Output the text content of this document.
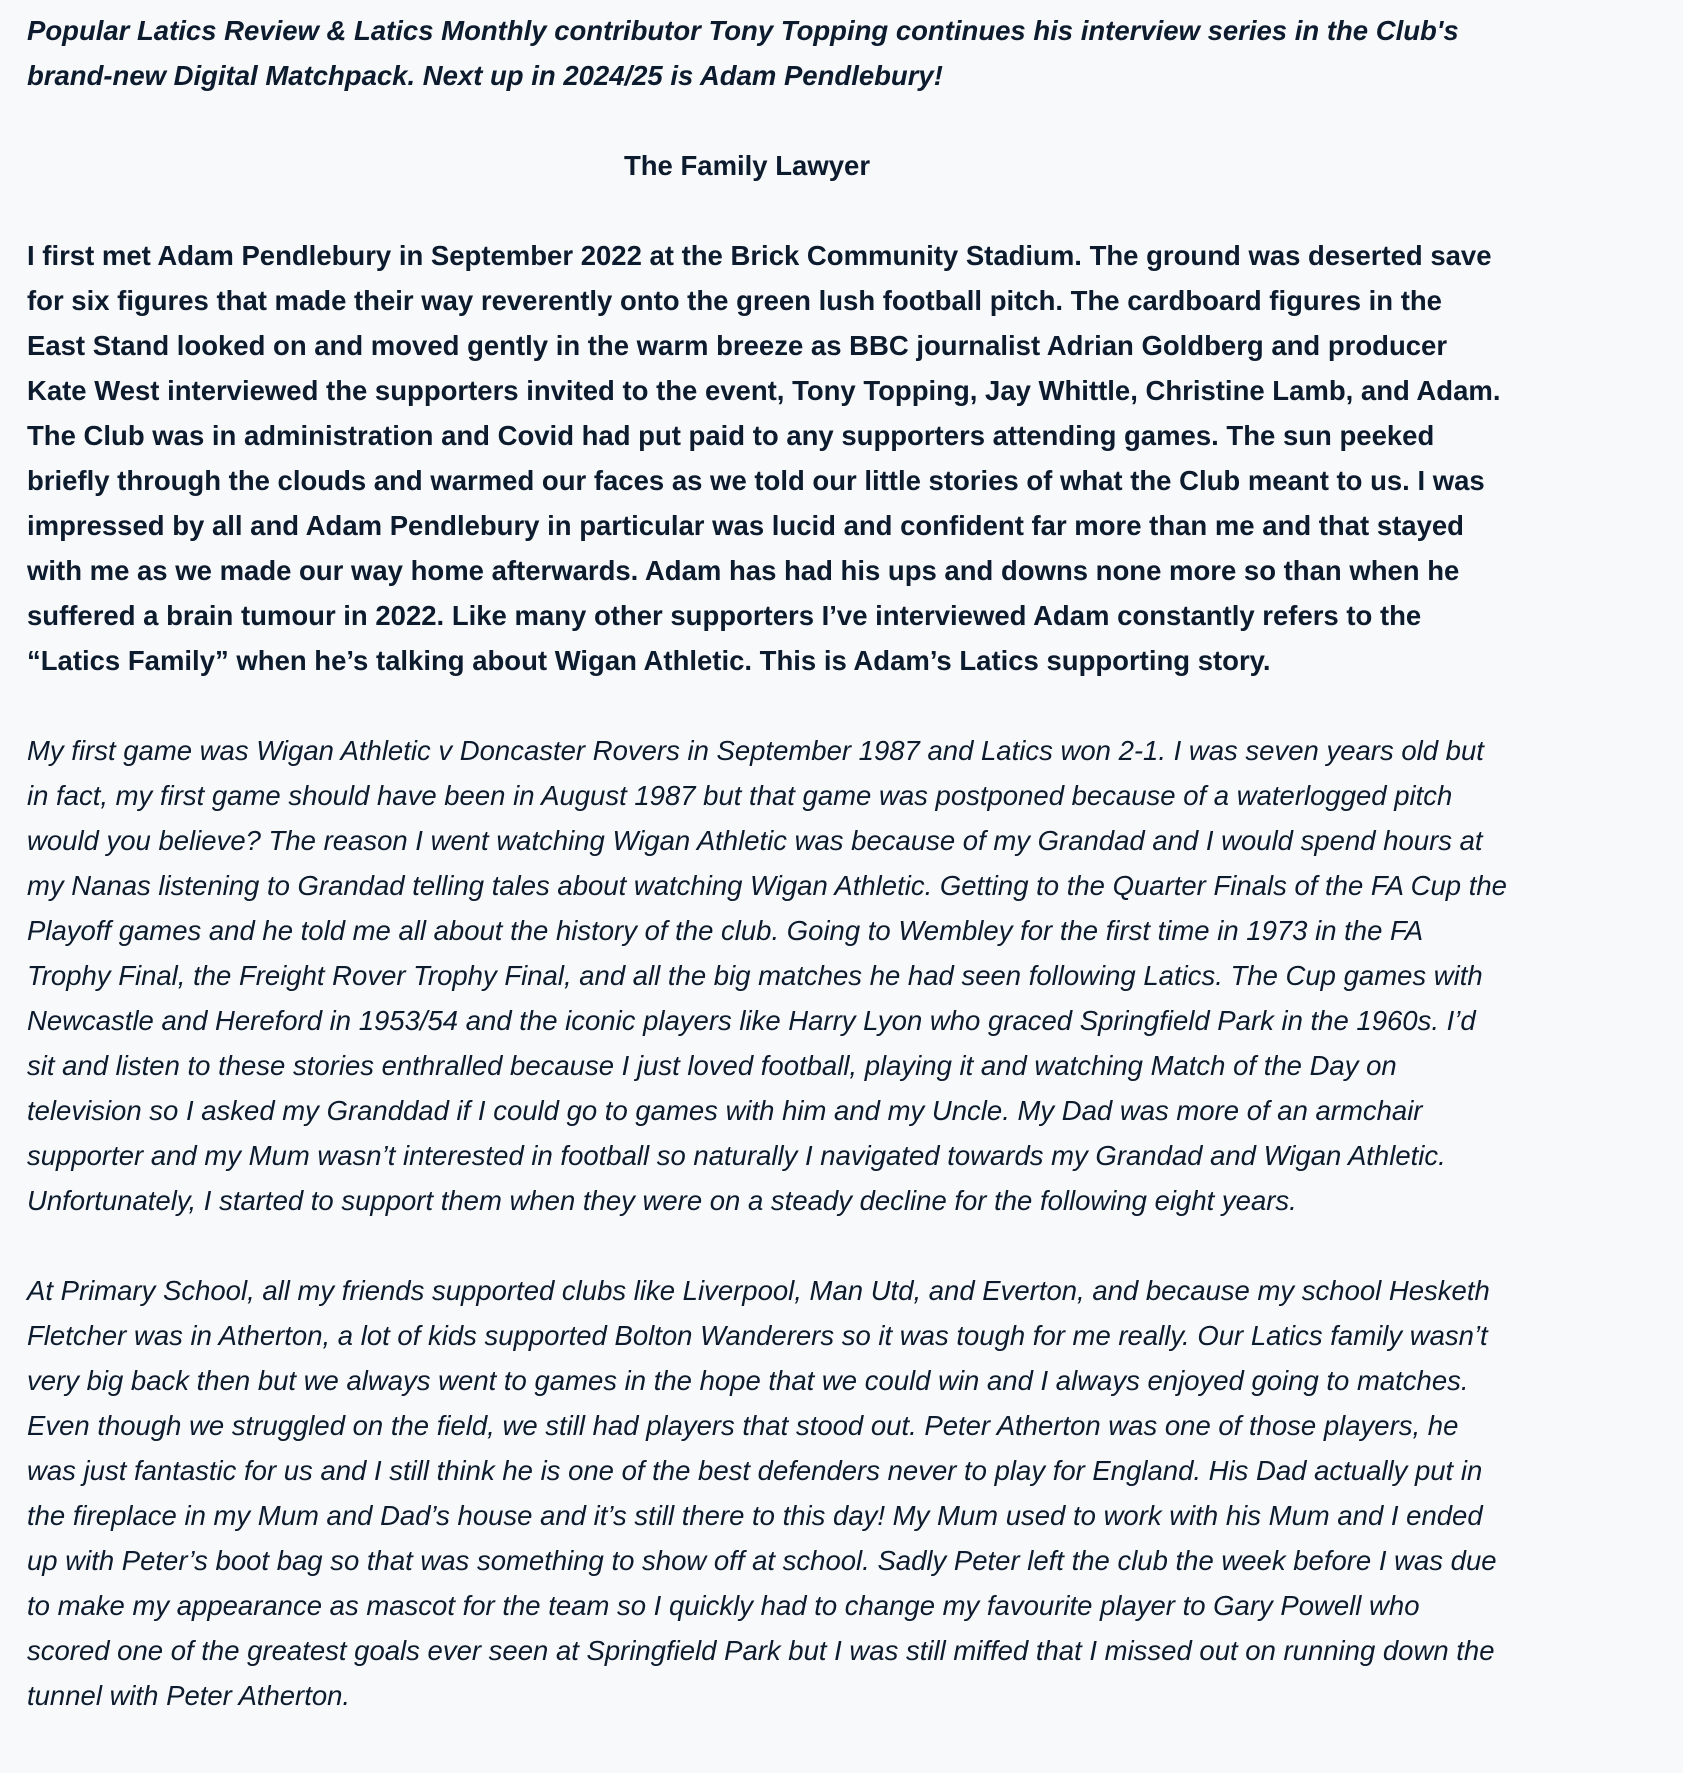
Popular Latics Review & Latics Monthly contributor Tony Topping continues his interview series in the Club's brand-new Digital Matchpack. Next up in 2024/25 is Adam Pendlebury!

The Family Lawyer

I first met Adam Pendlebury in September 2022 at the Brick Community Stadium. The ground was deserted save for six figures that made their way reverently onto the green lush football pitch. The cardboard figures in the East Stand looked on and moved gently in the warm breeze as BBC journalist Adrian Goldberg and producer Kate West interviewed the supporters invited to the event, Tony Topping, Jay Whittle, Christine Lamb, and Adam. The Club was in administration and Covid had put paid to any supporters attending games. The sun peeked briefly through the clouds and warmed our faces as we told our little stories of what the Club meant to us. I was impressed by all and Adam Pendlebury in particular was lucid and confident far more than me and that stayed with me as we made our way home afterwards. Adam has had his ups and downs none more so than when he suffered a brain tumour in 2022. Like many other supporters I’ve interviewed Adam constantly refers to the “Latics Family” when he’s talking about Wigan Athletic. This is Adam’s Latics supporting story.

My first game was Wigan Athletic v Doncaster Rovers in September 1987 and Latics won 2-1. I was seven years old but in fact, my first game should have been in August 1987 but that game was postponed because of a waterlogged pitch would you believe? The reason I went watching Wigan Athletic was because of my Grandad and I would spend hours at my Nanas listening to Grandad telling tales about watching Wigan Athletic. Getting to the Quarter Finals of the FA Cup the Playoff games and he told me all about the history of the club. Going to Wembley for the first time in 1973 in the FA Trophy Final, the Freight Rover Trophy Final, and all the big matches he had seen following Latics. The Cup games with Newcastle and Hereford in 1953/54 and the iconic players like Harry Lyon who graced Springfield Park in the 1960s. I’d sit and listen to these stories enthralled because I just loved football, playing it and watching Match of the Day on television so I asked my Granddad if I could go to games with him and my Uncle. My Dad was more of an armchair supporter and my Mum wasn’t interested in football so naturally I navigated towards my Grandad and Wigan Athletic. Unfortunately, I started to support them when they were on a steady decline for the following eight years.

At Primary School, all my friends supported clubs like Liverpool, Man Utd, and Everton, and because my school Hesketh Fletcher was in Atherton, a lot of kids supported Bolton Wanderers so it was tough for me really. Our Latics family wasn’t very big back then but we always went to games in the hope that we could win and I always enjoyed going to matches. Even though we struggled on the field, we still had players that stood out. Peter Atherton was one of those players, he was just fantastic for us and I still think he is one of the best defenders never to play for England. His Dad actually put in the fireplace in my Mum and Dad’s house and it’s still there to this day! My Mum used to work with his Mum and I ended up with Peter’s boot bag so that was something to show off at school. Sadly Peter left the club the week before I was due to make my appearance as mascot for the team so I quickly had to change my favourite player to Gary Powell who scored one of the greatest goals ever seen at Springfield Park but I was still miffed that I missed out on running down the tunnel with Peter Atherton.
